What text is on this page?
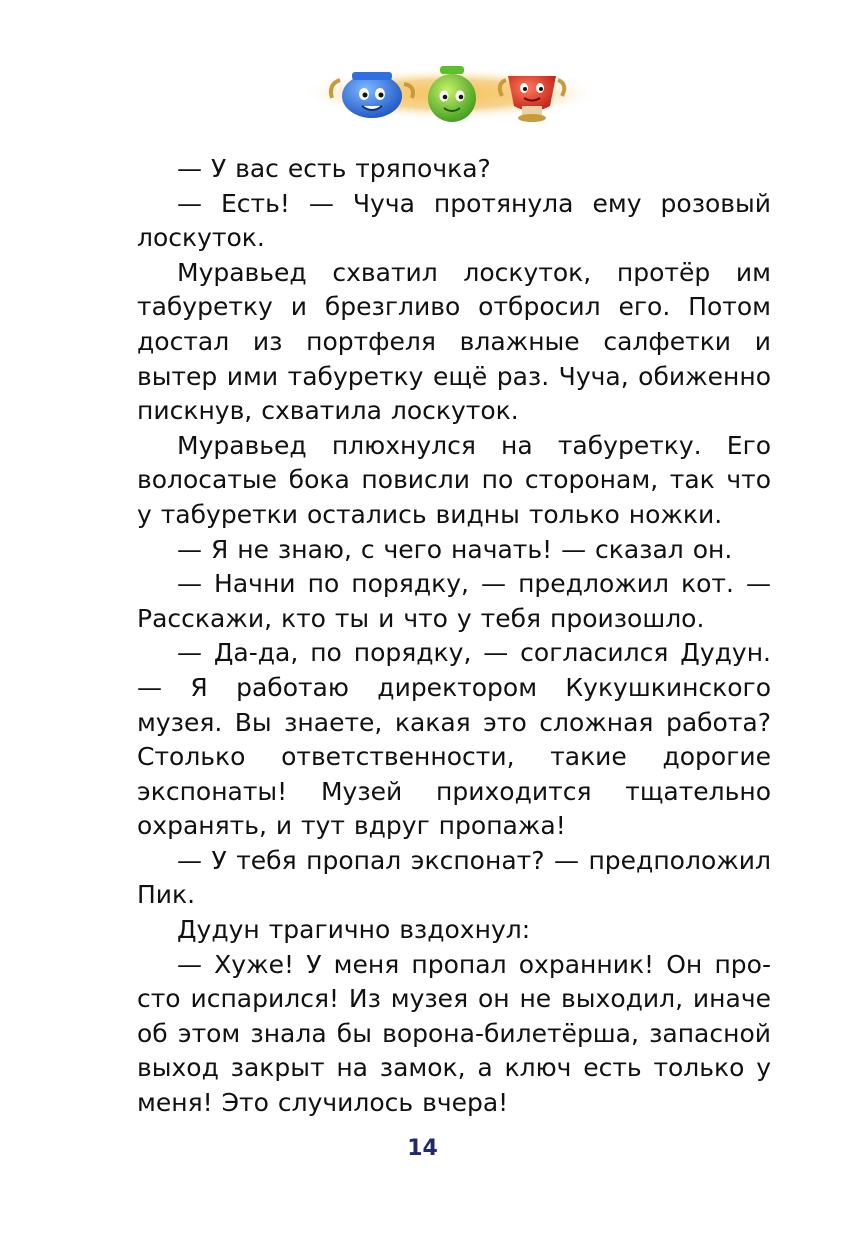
— У вас есть тряпочка?

— Есть! — Чуча протянула ему розовый лоскуток.

Муравьед схватил лоскуток, протёр им табуретку и брезгливо отбросил его. Потом достал из портфеля влажные салфетки и вытер ими табуретку ещё раз. Чуча, обиженно пискнув, схватила лоскуток.

Муравьед плюхнулся на табуретку. Его волосатые бока повисли по сторонам, так что у табуретки остались видны только ножки.

— Я не знаю, с чего начать! — сказал он.

— Начни по порядку, — предложил кот. — Расскажи, кто ты и что у тебя произошло.

— Да-да, по порядку, — согласился Дудун. — Я работаю директором Кукушкинского музея. Вы знаете, какая это сложная работа? Столько ответственности, такие дорогие экспонаты! Музей приходится тщательно охранять, и тут вдруг пропажа!

— У тебя пропал экспонат? — предположил Пик.

Дудун трагично вздохнул:

— Хуже! У меня пропал охранник! Он просто испарился! Из музея он не выходил, иначе об этом знала бы ворона-билетёрша, запасной выход закрыт на замок, а ключ есть только у меня! Это случилось вчера!

14
